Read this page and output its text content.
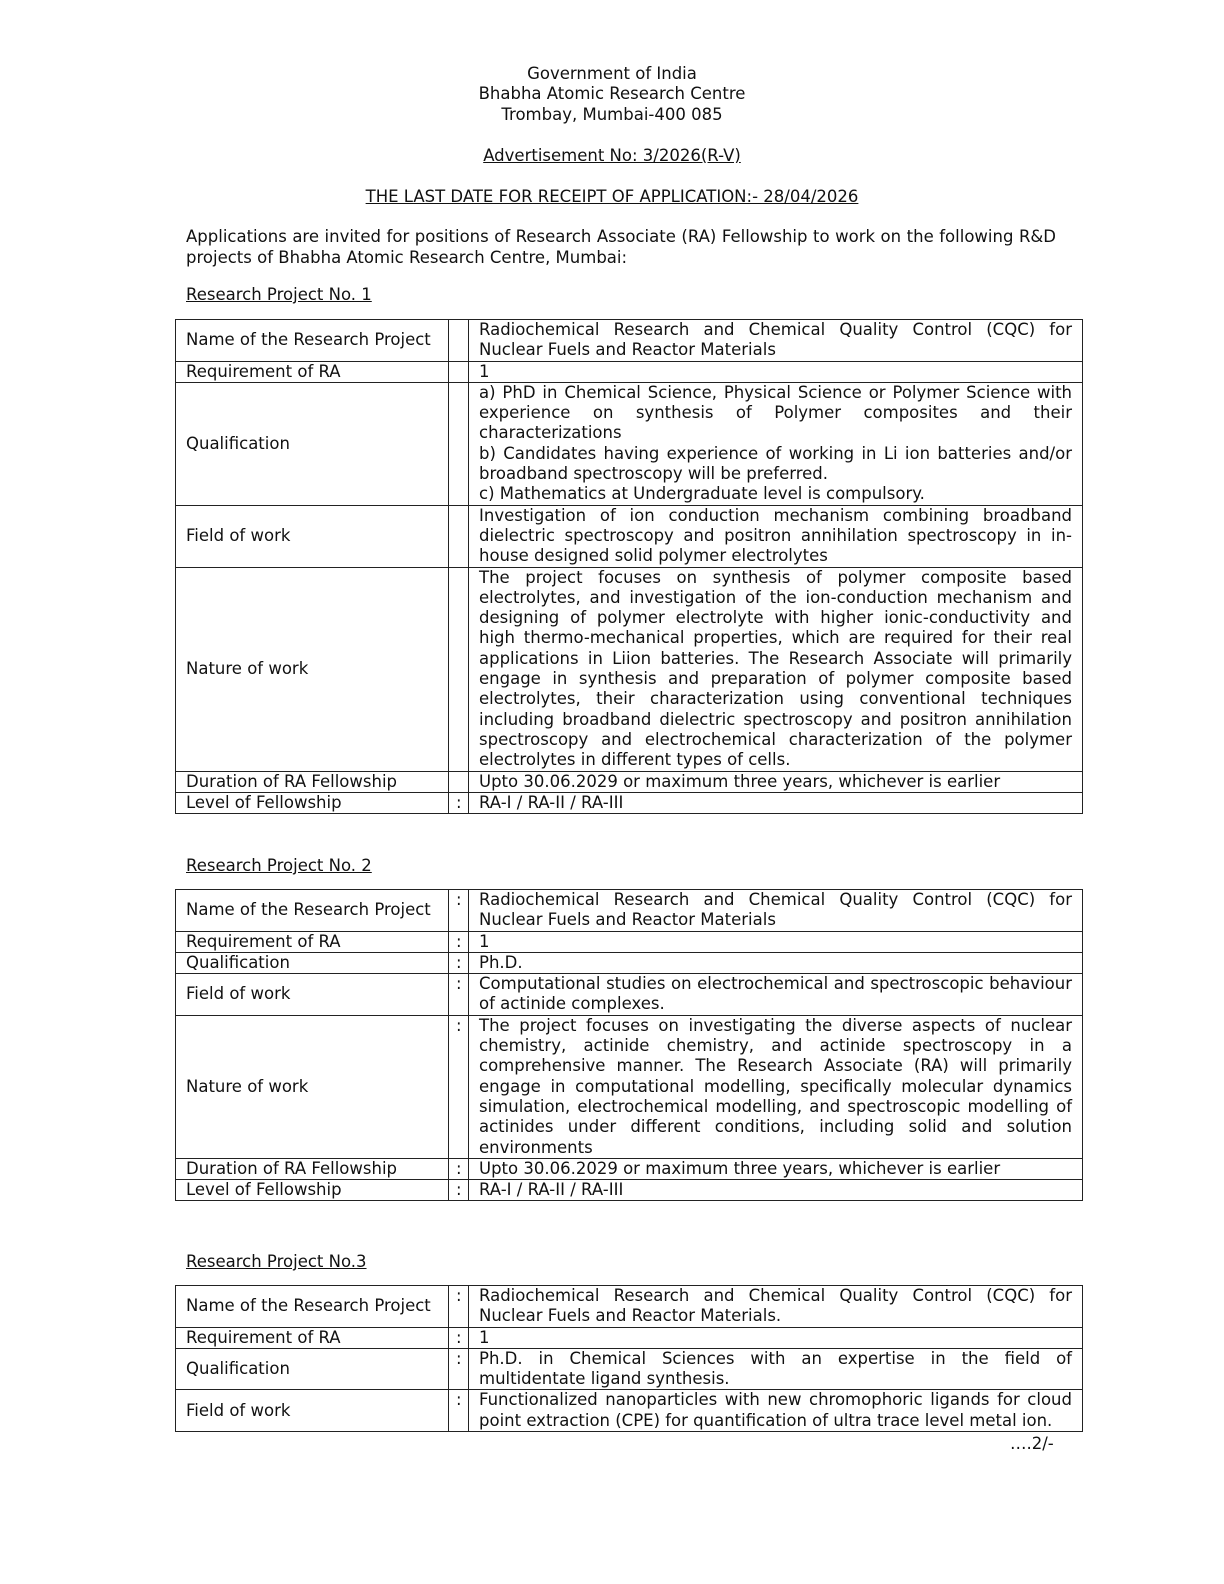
Government of India
Bhabha Atomic Research Centre
Trombay, Mumbai-400 085
Advertisement No: 3/2026(R-V)
THE LAST DATE FOR RECEIPT OF APPLICATION:- 28/04/2026
Applications are invited for positions of Research Associate (RA) Fellowship to work on the following R&D projects of Bhabha Atomic Research Centre, Mumbai:
Research Project No. 1
Name of the Research Project		Radiochemical Research and Chemical Quality Control (CQC) for Nuclear Fuels and Reactor Materials
Requirement of RA		1
Qualification		a) PhD in Chemical Science, Physical Science or Polymer Science with experience on synthesis of Polymer composites and their characterizations
b) Candidates having experience of working in Li ion batteries and/or broadband spectroscopy will be preferred.
c) Mathematics at Undergraduate level is compulsory.

Field of work		Investigation of ion conduction mechanism combining broadband dielectric spectroscopy and positron annihilation spectroscopy in in-house designed solid polymer electrolytes
Nature of work		The project focuses on synthesis of polymer composite based electrolytes, and investigation of the ion-conduction mechanism and designing of polymer electrolyte with higher ionic-conductivity and high thermo-mechanical properties, which are required for their real applications in Liion batteries. The Research Associate will primarily engage in synthesis and preparation of polymer composite based electrolytes, their characterization using conventional techniques including broadband dielectric spectroscopy and positron annihilation spectroscopy and electrochemical characterization of the polymer electrolytes in different types of cells.
Duration of RA Fellowship		Upto 30.06.2029 or maximum three years, whichever is earlier
Level of Fellowship	:	RA-I / RA-II / RA-III
Research Project No. 2
Name of the Research Project	:	Radiochemical Research and Chemical Quality Control (CQC) for Nuclear Fuels and Reactor Materials
Requirement of RA	:	1
Qualification	:	Ph.D.
Field of work	:	Computational studies on electrochemical and spectroscopic behaviour of actinide complexes.
Nature of work	:	The project focuses on investigating the diverse aspects of nuclear chemistry, actinide chemistry, and actinide spectroscopy in a comprehensive manner. The Research Associate (RA) will primarily engage in computational modelling, specifically molecular dynamics simulation, electrochemical modelling, and spectroscopic modelling of actinides under different conditions, including solid and solution environments
Duration of RA Fellowship	:	Upto 30.06.2029 or maximum three years, whichever is earlier
Level of Fellowship	:	RA-I / RA-II / RA-III
Research Project No.3
Name of the Research Project	:	Radiochemical Research and Chemical Quality Control (CQC) for Nuclear Fuels and Reactor Materials.
Requirement of RA	:	1
Qualification	:	Ph.D. in Chemical Sciences with an expertise in the field of multidentate ligand synthesis.
Field of work	:	Functionalized nanoparticles with new chromophoric ligands for cloud point extraction (CPE) for quantification of ultra trace level metal ion.
….2/-
